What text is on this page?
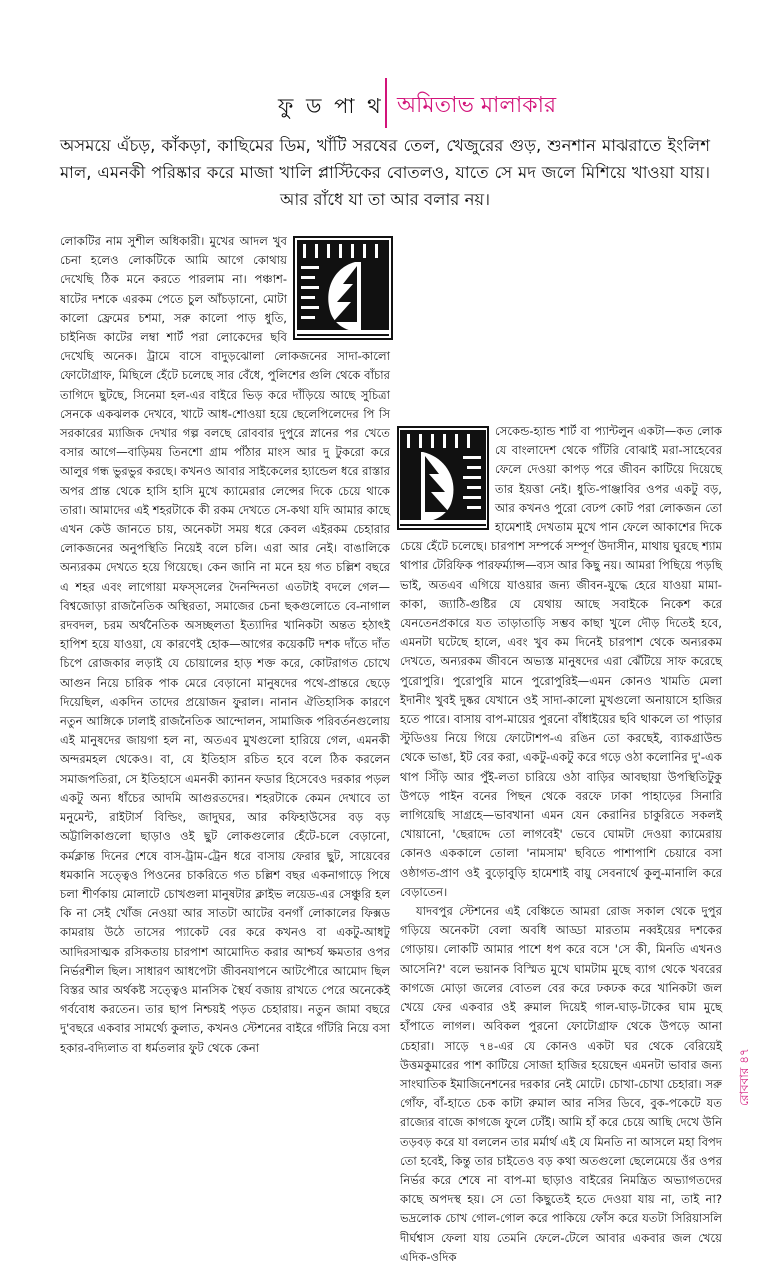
ফু ড পা থ অমিতাভ মালাকার
অসময়ে এঁচড়, কাঁকড়া, কাছিমের ডিম, খাঁটি সরষের তেল, খেজুরের গুড়, শুনশান মাঝরাতে ইংলিশ মাল, এমনকী পরিষ্কার করে মাজা খালি প্লাস্টিকের বোতলও, যাতে সে মদ জলে মিশিয়ে খাওয়া যায়। আর রাঁধে যা তা আর বলার নয়।

লোকটির নাম সুশীল অধিকারী। মুখের আদল খুব চেনা হলেও লোকটিকে আমি আগে কোথায় দেখেছি ঠিক মনে করতে পারলাম না। পঞ্চাশ-ষাটের দশকে এরকম পেতে চুল আঁচড়ানো, মোটা কালো ফ্রেমের চশমা, সরু কালো পাড় ধুতি, চাইনিজ কাটের লম্বা শার্ট পরা লোকেদের ছবি দেখেছি অনেক। ট্রামে বাসে বাদুড়ঝোলা লোকজনের সাদা-কালো ফোটোগ্রাফ, মিছিলে হেঁটে চলেছে সার বেঁধে, পুলিশের গুলি থেকে বাঁচার তাগিদে ছুটছে, সিনেমা হল-এর বাইরে ভিড় করে দাঁড়িয়ে আছে সুচিত্রা সেনকে একঝলক দেখবে, খাটে আধ-শোওয়া হয়ে ছেলেপিলেদের পি সি সরকারের ম্যাজিক দেখার গল্প বলছে রোববার দুপুরে স্নানের পর খেতে বসার আগে—বাড়িময় তিনশো গ্রাম পাঁঠার মাংস আর দু টুকরো করে আলুর গন্ধ ভুরভুর করছে। কখনও আবার সাইকেলের হ্যান্ডেল ধরে রাস্তার অপর প্রান্ত থেকে হাসি হাসি মুখে ক্যামেরার লেন্সের দিকে চেয়ে থাকে তারা। আমাদের এই শহরটাকে কী রকম দেখতে সে-কথা যদি আমার কাছে এখন কেউ জানতে চায়, অনেকটা সময় ধরে কেবল এইরকম চেহারার লোকজনের অনুপস্থিতি নিয়েই বলে চলি। এরা আর নেই। বাঙালিকে অন্যরকম দেখতে হয়ে গিয়েছে। কেন জানি না মনে হয় গত চল্লিশ বছরে এ শহর এবং লাগোয়া মফস্সলের দৈনন্দিনতা এতটাই বদলে গেল—বিশ্বজোড়া রাজনৈতিক অস্থিরতা, সমাজের চেনা ছকগুলোতে বে-নাগাল রদবদল, চরম অর্থনৈতিক অসচ্ছলতা ইত্যাদির খানিকটা অন্তত হঠাৎই হাপিশ হয়ে যাওয়া, যে কারণেই হোক—আগের কয়েকটি দশক দাঁতে দাঁত চিপে রোজকার লড়াই যে চোয়ালের হাড় শক্ত করে, কোটরাগত চোখে আগুন নিয়ে চারিক পাক মেরে বেড়ানো মানুষদের পথে-প্রান্তরে ছেড়ে দিয়েছিল, একদিন তাদের প্রয়োজন ফুরাল। নানান ঐতিহাসিক কারণে নতুন আঙ্গিকে ঢালাই রাজনৈতিক আন্দোলন, সামাজিক পরিবর্তনগুলোয় এই মানুষদের জায়গা হল না, অতএব মুখগুলো হারিয়ে গেল, এমনকী অন্দরমহল থেকেও। বা, যে ইতিহাস রচিত হবে বলে ঠিক করলেন সমাজপতিরা, সে ইতিহাসে এমনকী ক্যানন ফডার হিসেবেও দরকার পড়ল একটু অন্য ধাঁচের আদমি আগুরতদের। শহরটাকে কেমন দেখাবে তা মনুমেন্ট, রাইটার্স বিল্ডিং, জাদুঘর, আর কফিহাউসের বড় বড় অট্টালিকাগুলো ছাড়াও ওই ছুট লোকগুলোর হেঁটে-চলে বেড়ানো, কর্মক্লান্ত দিনের শেষে বাস-ট্রাম-ট্রেন ধরে বাসায় ফেরার ছুট, সায়েবের ধমকানি সত্ত্বেও পিওনের চাকরিতে গত চল্লিশ বছর একনাগাড়ে পিষে চলা শীর্ণকায় মোলাটে চোখগুলা মানুষটার ক্লাইভ লয়েড-এর সেঞ্চুরি হল কি না সেই খোঁজ নেওয়া আর সাতটা আটের বনগাঁ লোকালের ফিক্সড কামরায় উঠে তাসের প্যাকেট বের করে কখনও বা একটু-আধটু আদিরসাত্মক রসিকতায় চারপাশ আমোদিত করার আশ্চর্য ক্ষমতার ওপর নির্ভরশীল ছিল। সাধারণ আধপেটা জীবনযাপনে আটপৌরে আমোদ ছিল বিস্তর আর অর্থকষ্ট সত্ত্বেও মানসিক স্থৈর্য বজায় রাখতে পেরে অনেকেই গর্ববোধ করতেন। তার ছাপ নিশ্চয়ই পড়ত চেহারায়। নতুন জামা বছরে দু'বছরে একবার সামর্থ্যে কুলাত, কখনও স্টেশনের বাইরে গাঁটরি নিয়ে বসা হকার-বদ্যিলাত বা ধর্মতলার ফুট থেকে কেনা

সেকেন্ড-হ্যান্ড শার্ট বা প্যান্টলুন একটা—কত লোক যে বাংলাদেশ থেকে গাঁটরি বোঝাই মরা-সাহেবের ফেলে দেওয়া কাপড় পরে জীবন কাটিয়ে দিয়েছে তার ইয়ত্তা নেই। ধুতি-পাঞ্জাবির ওপর একটু বড়, আর কখনও পুরো বেঢপ কোট পরা লোকজন তো হামেশাই দেখতাম মুখে পান ফেলে আকাশের দিকে চেয়ে হেঁটে চলেছে। চারপাশ সম্পর্কে সম্পূর্ণ উদাসীন, মাথায় ঘুরছে শ্যাম থাপার টেরিফিক পারফর্ম্যান্স—ব্যস আর কিছু নয়। আমরা পিছিয়ে পড়ছি ভাই, অতএব এগিয়ে যাওয়ার জন্য জীবন-যুদ্ধে হেরে যাওয়া মামা-কাকা, জ্যাঠি-গুষ্টির যে যেথায় আছে সবাইকে নিকেশ করে যেনতেনপ্রকারে যত তাড়াতাড়ি সম্ভব কাছা খুলে দৌড় দিতেই হবে, এমনটা ঘটেছে হালে, এবং খুব কম দিনেই চারপাশ থেকে অন্যরকম দেখতে, অন্যরকম জীবনে অভ্যস্ত মানুষদের এরা ঝেঁটিয়ে সাফ করেছে পুরোপুরি। পুরোপুরি মানে পুরোপুরিই—এমন কোনও খামতি মেলা ইদানীং খুবই দুষ্কর যেখানে ওই সাদা-কালো মুখগুলো অনায়াসে হাজির হতে পারে। বাসায় বাপ-মায়ের পুরনো বাঁধাইয়ের ছবি থাকলে তা পাড়ার স্টুডিওয় নিয়ে গিয়ে ফোটোশপ-এ রঙিন তো করছেই, ব্যাকগ্রাউন্ড থেকে ভাঙা, ইট বের করা, একটু-একটু করে গড়ে ওঠা কলোনির দু'-এক থাপ সিঁড়ি আর পুঁই-লতা চারিয়ে ওঠা বাড়ির আবছায়া উপস্থিতিটুকু উপড়ে পাইন বনের পিছন থেকে বরফে ঢাকা পাহাড়ের সিনারি লাগিয়েছি সাগ্রহে—ভাবখানা এমন যেন কেরানির চাকুরিতে সকলই খোয়ানো, 'ছেরাদ্দে তো লাগবেই' ভেবে ঘোমটা দেওয়া ক্যামেরায় কোনও এককালে তোলা 'নামসাম' ছবিতে পাশাপাশি চেয়ারে বসা ওষ্ঠাগত-প্রাণ ওই বুড়োবুড়ি হামেশাই বায়ু সেবনার্থে কুলু-মানালি করে বেড়াতেন।

যাদবপুর স্টেশনের এই বেঞ্চিতে আমরা রোজ সকাল থেকে দুপুর গড়িয়ে অনেকটা বেলা অবধি আড্ডা মারতাম নব্বইয়ের দশকের গোড়ায়। লোকটি আমার পাশে ধপ করে বসে 'সে কী, মিনতি এখনও আসেনি?' বলে ভয়ানক বিস্মিত মুখে ঘামটাম মুছে ব্যাগ থেকে খবরের কাগজে মোড়া জলের বোতল বের করে ঢকঢক করে খানিকটা জল খেয়ে ফের একবার ওই রুমাল দিয়েই গাল-ঘাড়-টাকের ঘাম মুছে হাঁপাতে লাগল। অবিকল পুরনো ফোটোগ্রাফ থেকে উপড়ে আনা চেহারা। সাড়ে ৭৪-এর যে কোনও একটা ঘর থেকে বেরিয়েই উত্তমকুমারের পাশ কাটিয়ে সোজা হাজির হয়েছেন এমনটা ভাবার জন্য সাংঘাতিক ইমাজিনেশনের দরকার নেই মোটে। চোখা-চোখা চেহারা। সরু গোঁফ, বাঁ-হাতে চেক কাটা রুমাল আর নসির ডিবে, বুক-পকেটে যত রাজ্যের বাজে কাগজে ফুলে ঢোঁই। আমি হাঁ করে চেয়ে আছি দেখে উনি তড়বড় করে যা বললেন তার মর্মার্থ এই যে মিনতি না আসলে মহা বিপদ তো হবেই, কিন্তু তার চাইতেও বড় কথা অতগুলো ছেলেমেয়ে ওঁর ওপর নির্ভর করে শেষে না বাপ-মা ছাড়াও বাইরের নিমন্ত্রিত অভ্যাগতদের কাছে অপদস্থ হয়। সে তো কিছুতেই হতে দেওয়া যায় না, তাই না? ভদ্রলোক চোখ গোল-গোল করে পাকিয়ে ফোঁস করে যতটা সিরিয়াসলি দীর্ঘশ্বাস ফেলা যায় তেমনি ফেলে-টেলে আবার একবার জল খেয়ে এদিক-ওদিক

রোববার ৪৭
